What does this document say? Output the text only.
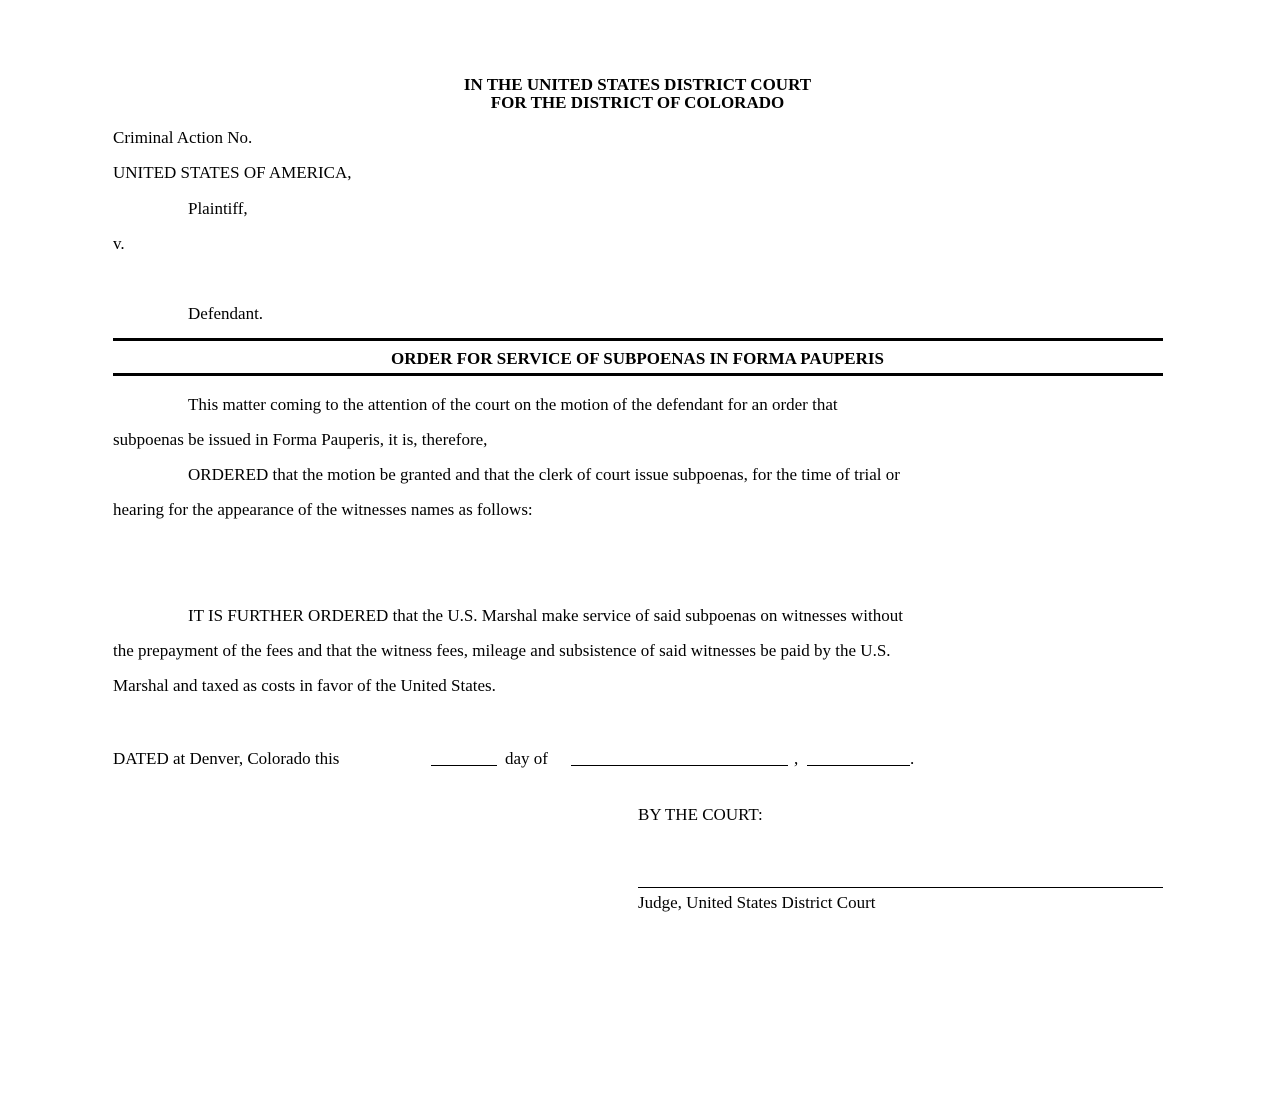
IN THE UNITED STATES DISTRICT COURT
FOR THE DISTRICT OF COLORADO
Criminal Action No.
UNITED STATES OF AMERICA,
Plaintiff,
v.
Defendant.
ORDER FOR SERVICE OF SUBPOENAS IN FORMA PAUPERIS
This matter coming to the attention of the court on the motion of the defendant for an order that
subpoenas be issued in Forma Pauperis, it is, therefore,
ORDERED that the motion be granted and that the clerk of court issue subpoenas, for the time of trial or
hearing for the appearance of the witnesses names as follows:
IT IS FURTHER ORDERED that the U.S. Marshal make service of said subpoenas on witnesses without
the prepayment of the fees and that the witness fees, mileage and subsistence of said witnesses be paid by the U.S.
Marshal and taxed as costs in favor of the United States.
DATED at Denver, Colorado this	day of	,	.
BY THE COURT:
Judge, United States District Court
